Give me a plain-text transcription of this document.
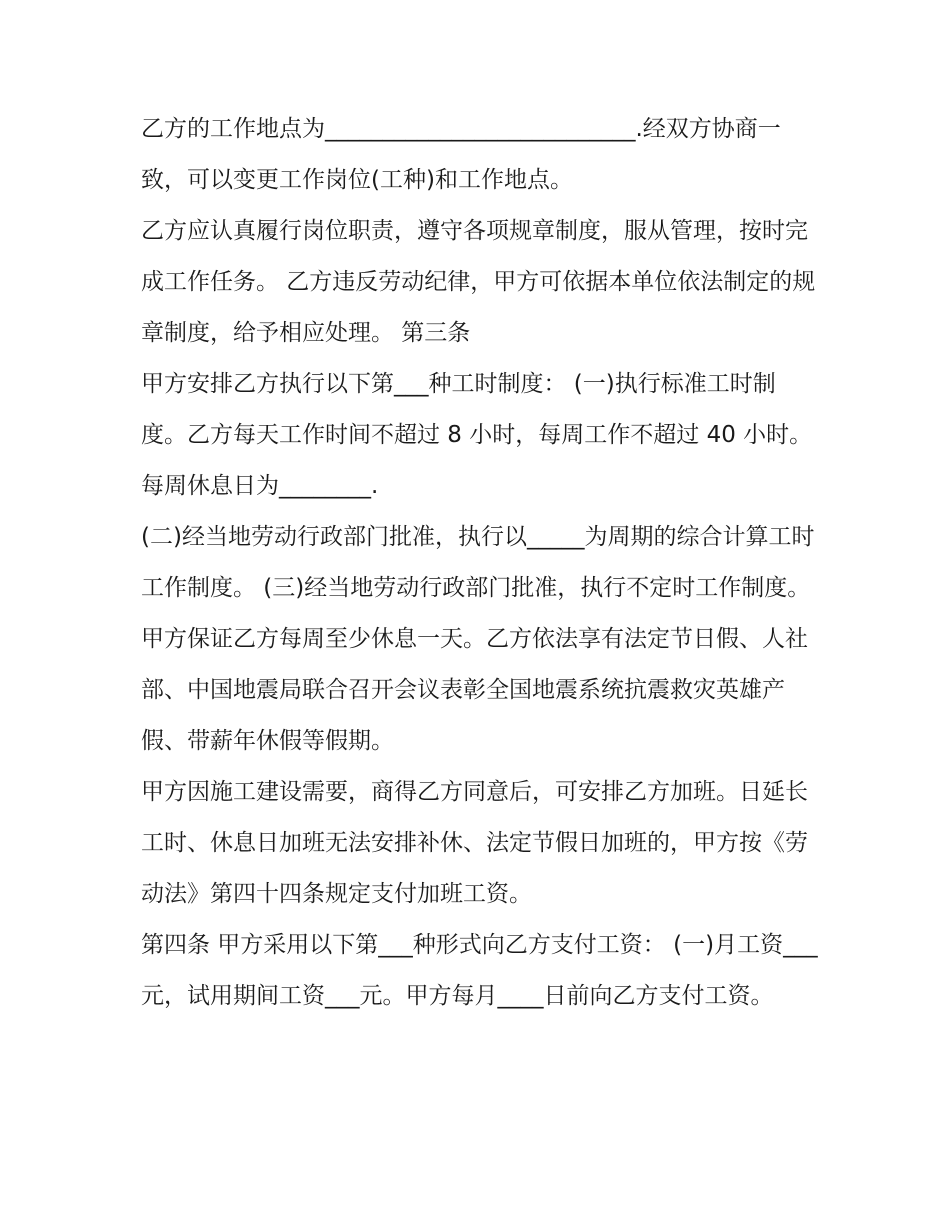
乙方的工作地点为___________________________.经双方协商一致，可以变更工作岗位(工种)和工作地点。

乙方应认真履行岗位职责，遵守各项规章制度，服从管理，按时完成工作任务。 乙方违反劳动纪律，甲方可依据本单位依法制定的规章制度，给予相应处理。 第三条

甲方安排乙方执行以下第___种工时制度： (一)执行标准工时制度。乙方每天工作时间不超过 8 小时，每周工作不超过 40 小时。每周休息日为________.

(二)经当地劳动行政部门批准，执行以_____为周期的综合计算工时工作制度。 (三)经当地劳动行政部门批准，执行不定时工作制度。

甲方保证乙方每周至少休息一天。乙方依法享有法定节日假、人社部、中国地震局联合召开会议表彰全国地震系统抗震救灾英雄产假、带薪年休假等假期。

甲方因施工建设需要，商得乙方同意后，可安排乙方加班。日延长工时、休息日加班无法安排补休、法定节假日加班的，甲方按《劳动法》第四十四条规定支付加班工资。

第四条 甲方采用以下第___种形式向乙方支付工资： (一)月工资___元，试用期间工资___元。甲方每月____日前向乙方支付工资。
